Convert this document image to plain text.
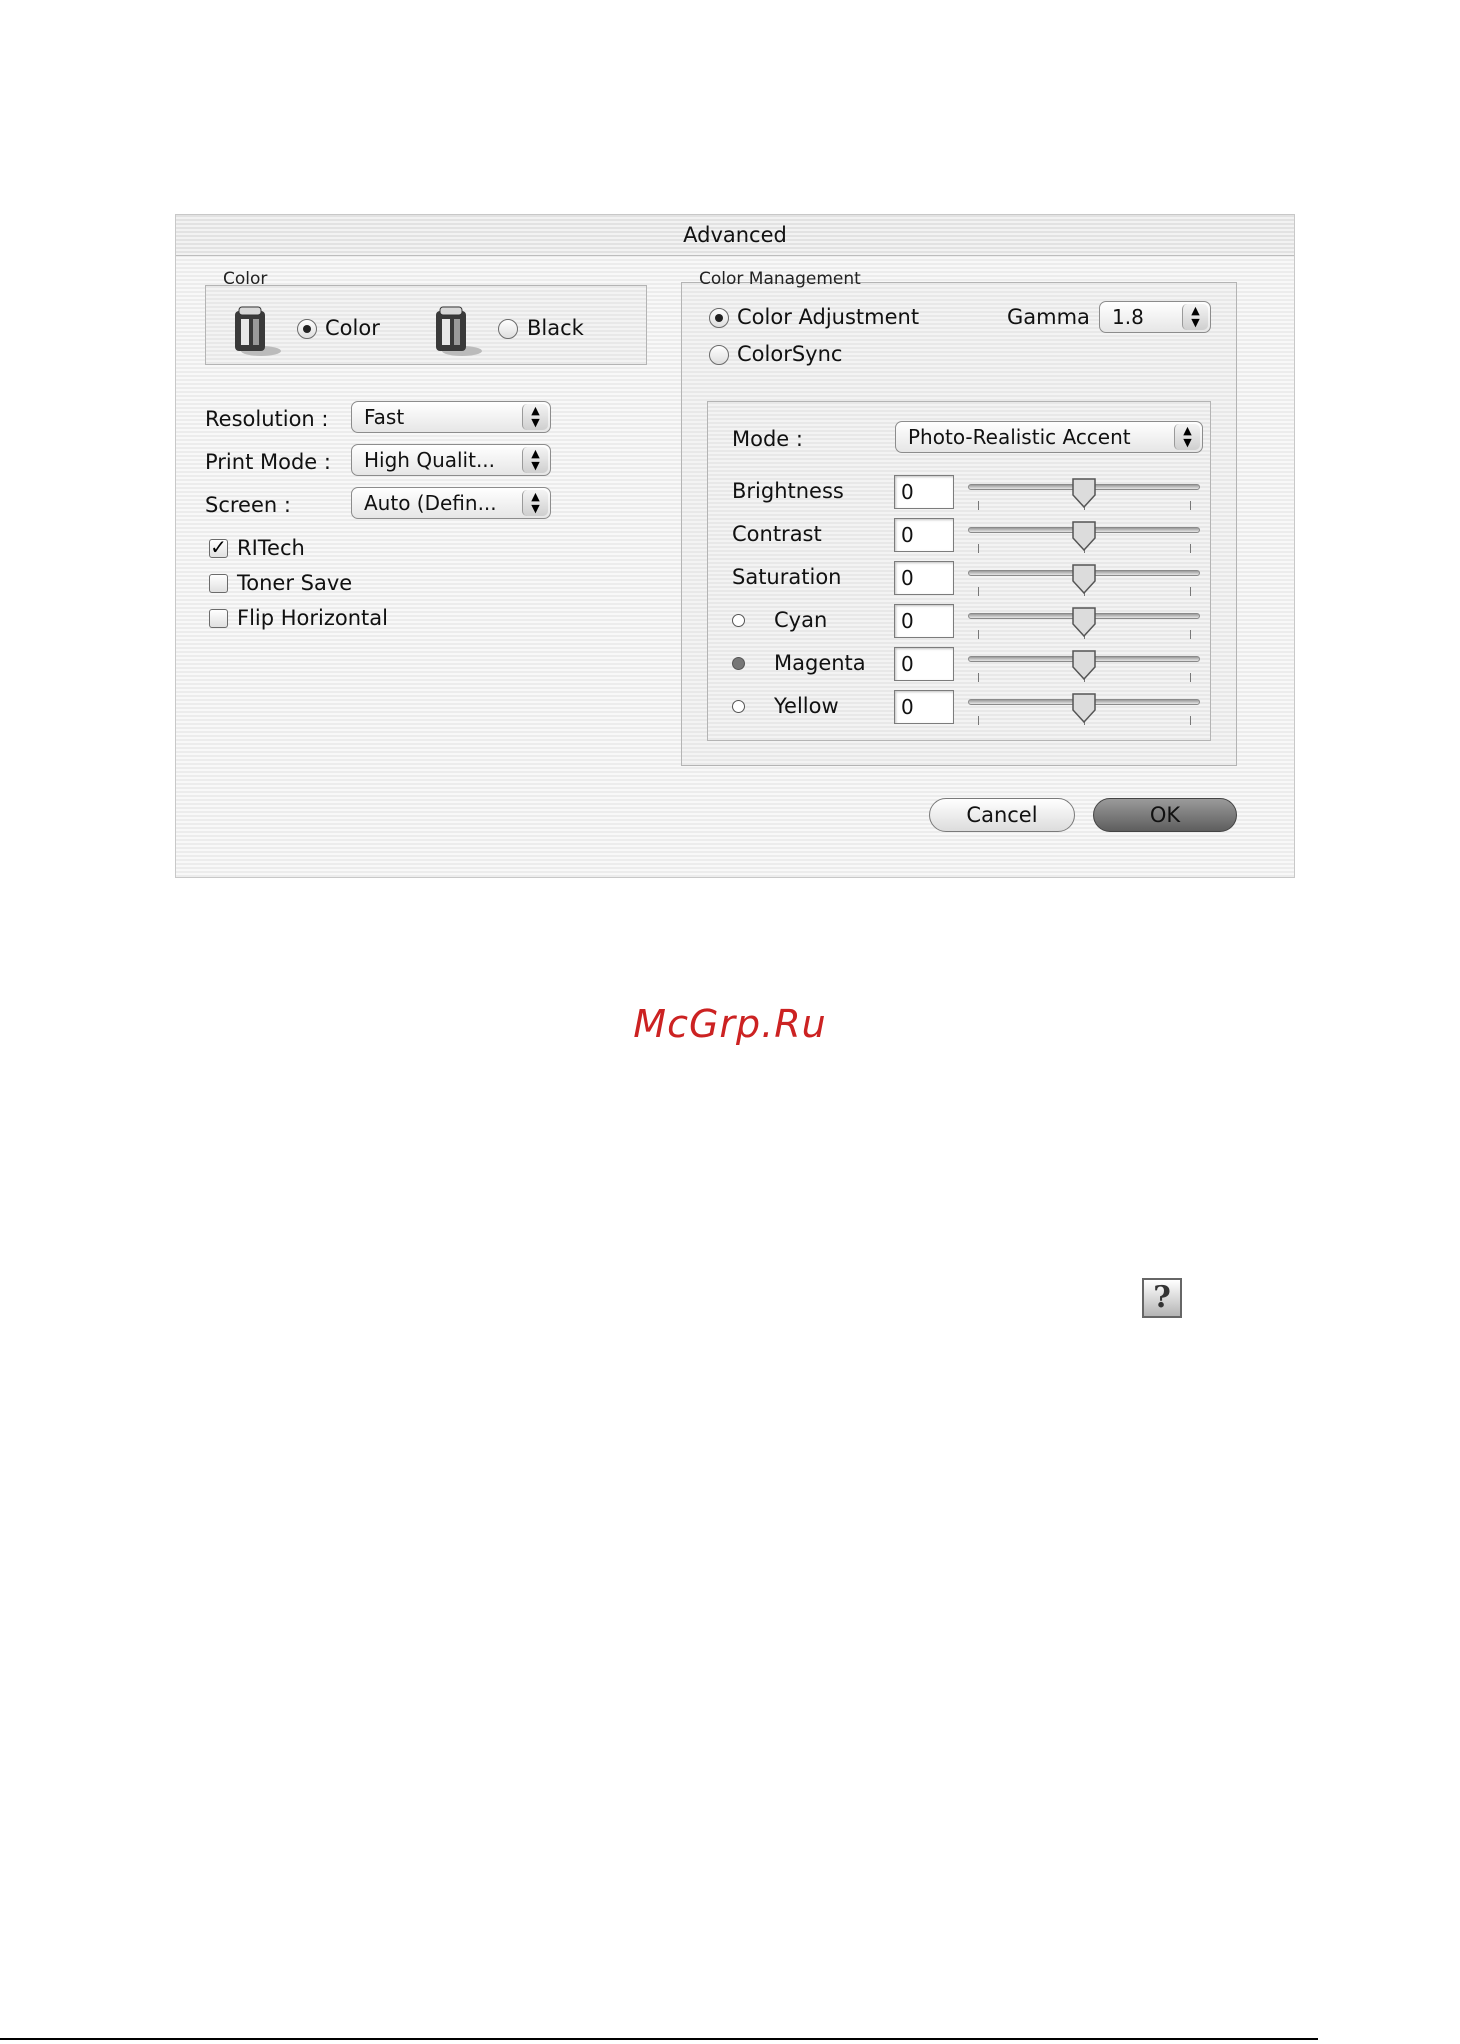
Advanced
Color
Color	Black
Resolution :	Fast	▲
▼
Print Mode :	High Qualit...	▲
▼
Screen :	Auto (Defin...	▲
▼
✓ RITech
Toner Save
Flip Horizontal
Color Management
Color Adjustment
ColorSync
Gamma	1.8	▲
▼
Mode :	Photo-Realistic Accent	▲
▼
Cancel	OK
Brightness	0
Contrast	0
Saturation	0
Cyan	0
Magenta	0
Yellow	0
McGrp.Ru
?
